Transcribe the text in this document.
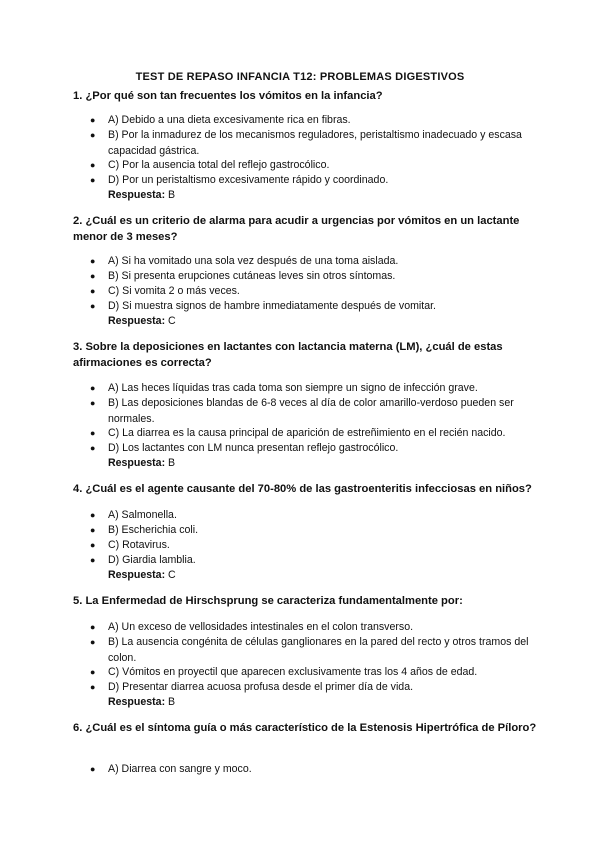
TEST DE REPASO INFANCIA T12: PROBLEMAS DIGESTIVOS
1. ¿Por qué son tan frecuentes los vómitos en la infancia?
● A) Debido a una dieta excesivamente rica en fibras.
● B) Por la inmadurez de los mecanismos reguladores, peristaltismo inadecuado y escasa capacidad gástrica.
● C) Por la ausencia total del reflejo gastrocólico.
● D) Por un peristaltismo excesivamente rápido y coordinado.
Respuesta: B
2. ¿Cuál es un criterio de alarma para acudir a urgencias por vómitos en un lactante menor de 3 meses?
● A) Si ha vomitado una sola vez después de una toma aislada.
● B) Si presenta erupciones cutáneas leves sin otros síntomas.
● C) Si vomita 2 o más veces.
● D) Si muestra signos de hambre inmediatamente después de vomitar.
Respuesta: C
3. Sobre la deposiciones en lactantes con lactancia materna (LM), ¿cuál de estas afirmaciones es correcta?
● A) Las heces líquidas tras cada toma son siempre un signo de infección grave.
● B) Las deposiciones blandas de 6-8 veces al día de color amarillo-verdoso pueden ser normales.
● C) La diarrea es la causa principal de aparición de estreñimiento en el recién nacido.
● D) Los lactantes con LM nunca presentan reflejo gastrocólico.
Respuesta: B
4. ¿Cuál es el agente causante del 70-80% de las gastroenteritis infecciosas en niños?
● A) Salmonella.
● B) Escherichia coli.
● C) Rotavirus.
● D) Giardia lamblia.
Respuesta: C
5. La Enfermedad de Hirschsprung se caracteriza fundamentalmente por:
● A) Un exceso de vellosidades intestinales en el colon transverso.
● B) La ausencia congénita de células ganglionares en la pared del recto y otros tramos del colon.
● C) Vómitos en proyectil que aparecen exclusivamente tras los 4 años de edad.
● D) Presentar diarrea acuosa profusa desde el primer día de vida.
Respuesta: B
6. ¿Cuál es el síntoma guía o más característico de la Estenosis Hipertrófica de Píloro?
● A) Diarrea con sangre y moco.
